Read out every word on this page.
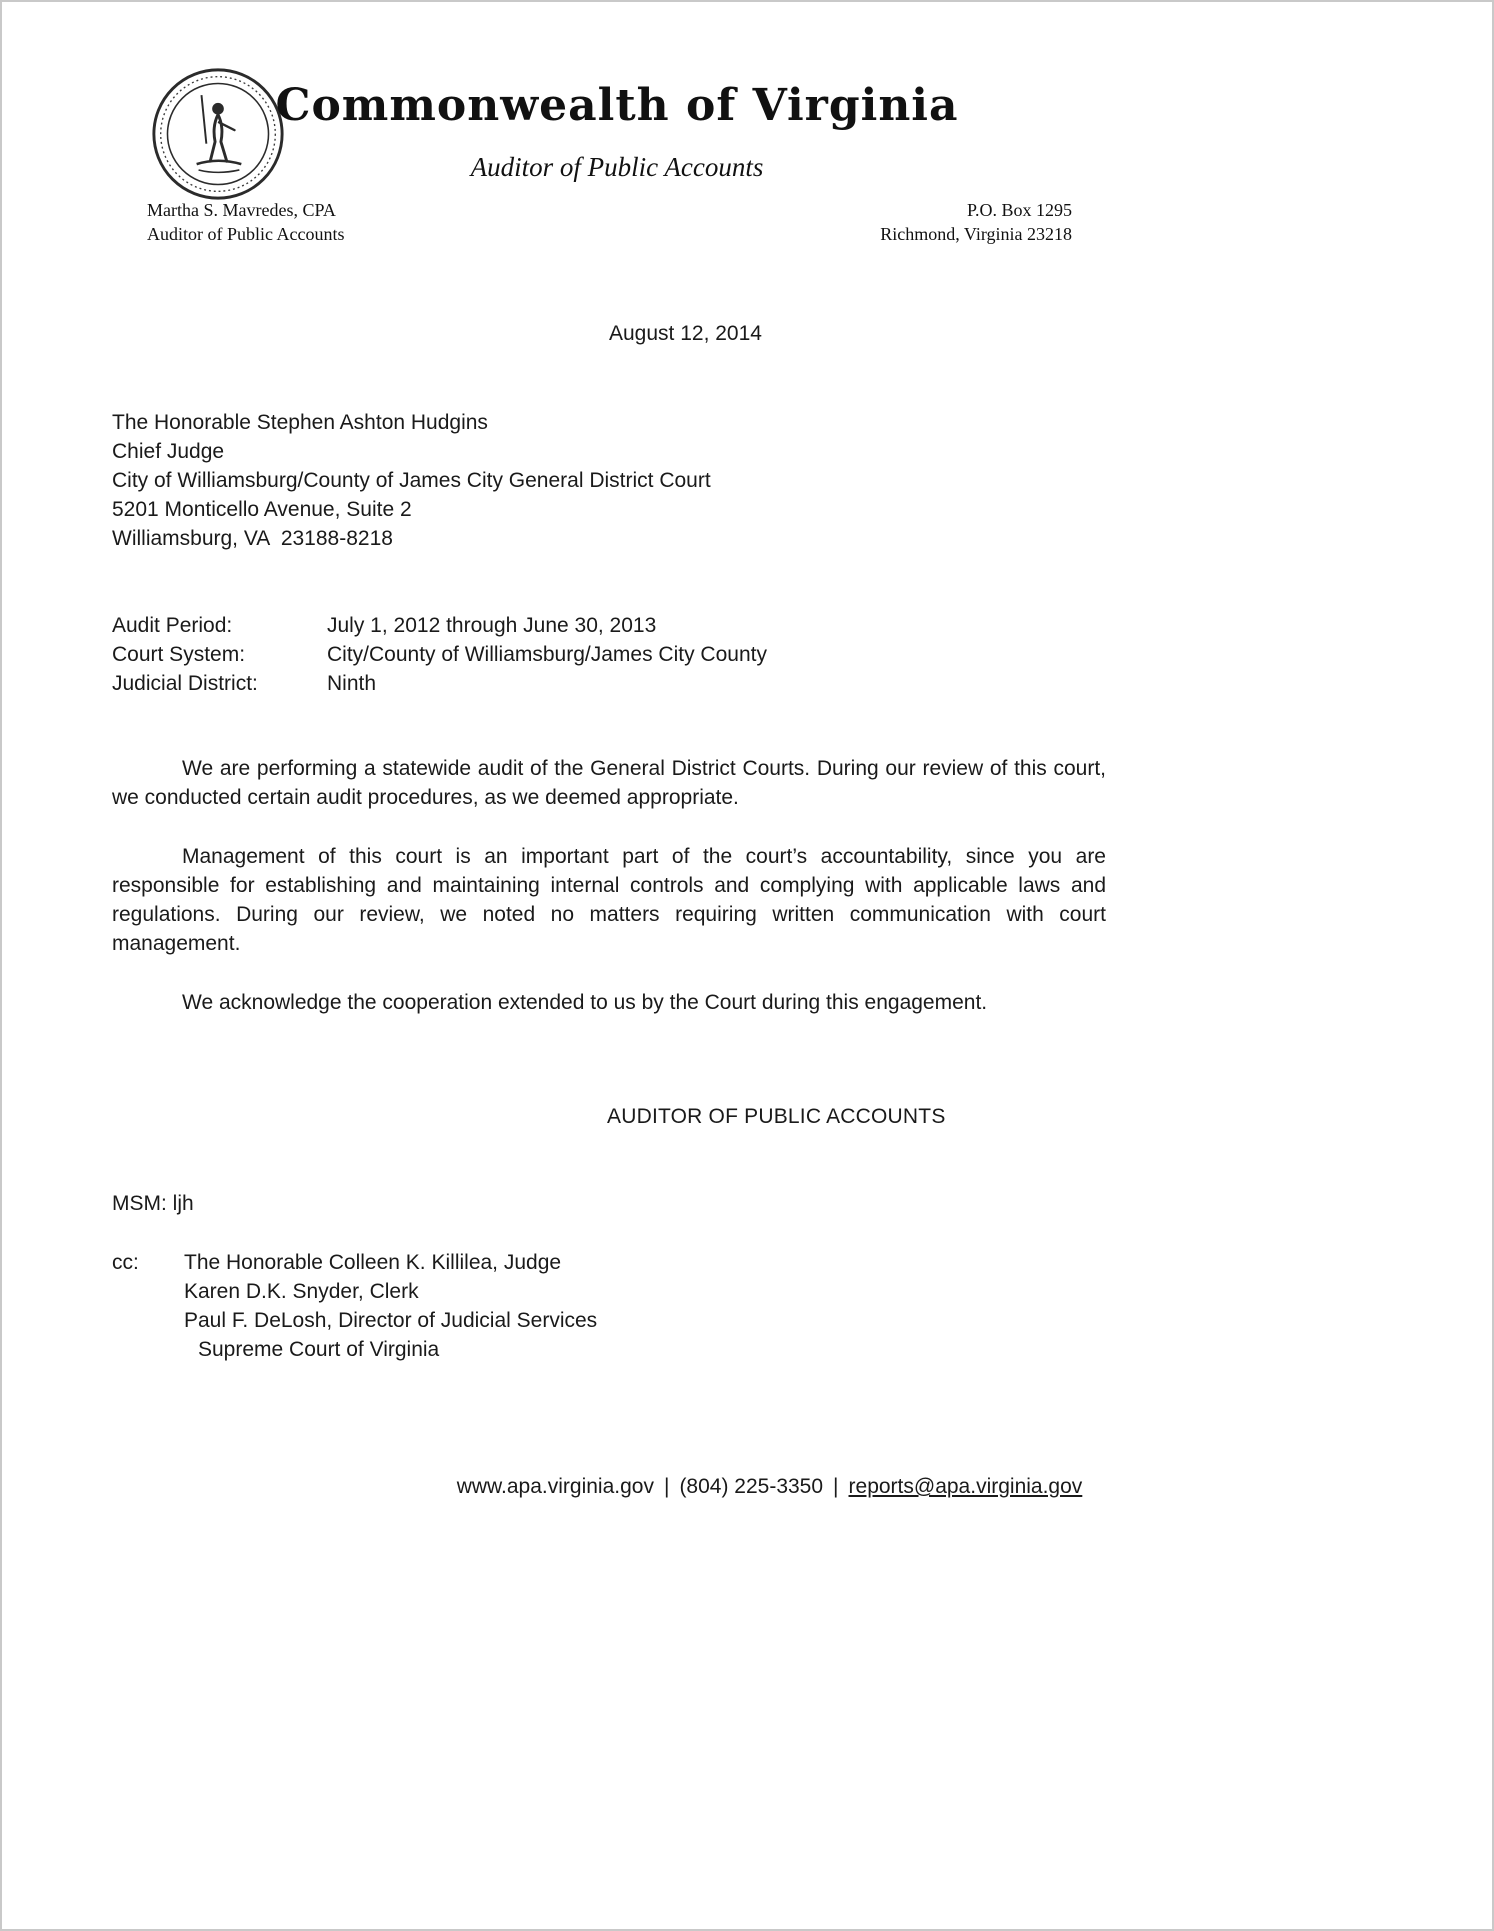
Commonwealth of Virginia
Auditor of Public Accounts
Martha S. Mavredes, CPA
Auditor of Public Accounts
P.O. Box 1295
Richmond, Virginia 23218
August 12, 2014
The Honorable Stephen Ashton Hudgins
Chief Judge
City of Williamsburg/County of James City General District Court
5201 Monticello Avenue, Suite 2
Williamsburg, VA  23188-8218
Audit Period:	July 1, 2012 through June 30, 2013
Court System:	City/County of Williamsburg/James City County
Judicial District:	Ninth

We are performing a statewide audit of the General District Courts. During our review of this court, we conducted certain audit procedures, as we deemed appropriate.

Management of this court is an important part of the court’s accountability, since you are responsible for establishing and maintaining internal controls and complying with applicable laws and regulations. During our review, we noted no matters requiring written communication with court management.

We acknowledge the cooperation extended to us by the Court during this engagement.

AUDITOR OF PUBLIC ACCOUNTS
MSM: ljh
cc:	The Honorable Colleen K. Killilea, Judge
Karen D.K. Snyder, Clerk
Paul F. DeLosh, Director of Judicial Services
Supreme Court of Virginia
www.apa.virginia.gov | (804) 225-3350 | reports@apa.virginia.gov
